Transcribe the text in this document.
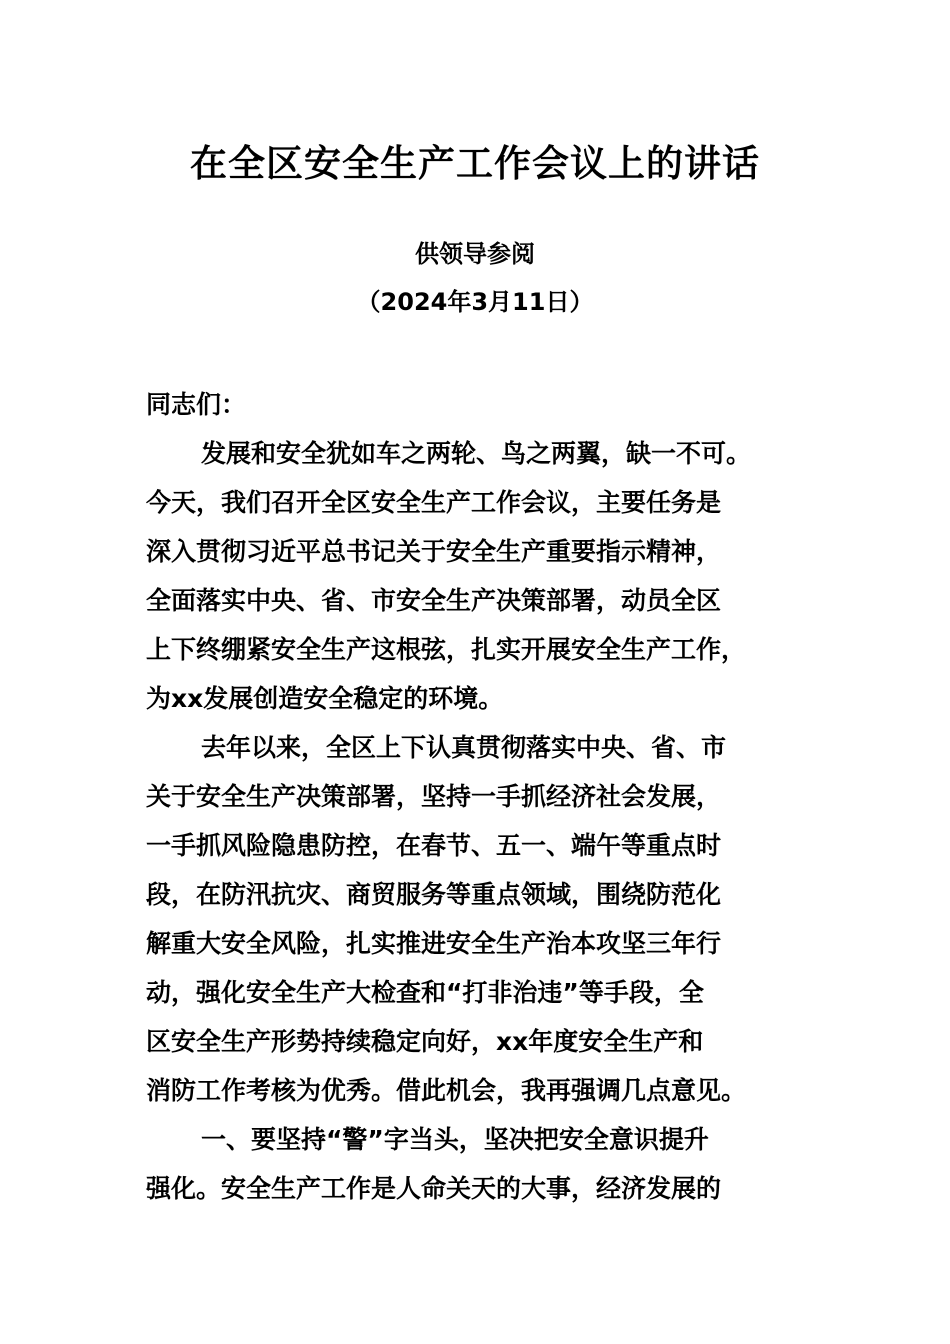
在全区安全生产工作会议上的讲话
供领导参阅
（2024年3月11日）
同志们：
发展和安全犹如车之两轮、鸟之两翼，缺一不可。
今天，我们召开全区安全生产工作会议，主要任务是
深入贯彻习近平总书记关于安全生产重要指示精神，
全面落实中央、省、市安全生产决策部署，动员全区
上下终绷紧安全生产这根弦，扎实开展安全生产工作，
为xx发展创造安全稳定的环境。
去年以来，全区上下认真贯彻落实中央、省、市
关于安全生产决策部署，坚持一手抓经济社会发展，
一手抓风险隐患防控，在春节、五一、端午等重点时
段，在防汛抗灾、商贸服务等重点领域，围绕防范化
解重大安全风险，扎实推进安全生产治本攻坚三年行
动，强化安全生产大检查和“打非治违”等手段，全
区安全生产形势持续稳定向好，xx年度安全生产和
消防工作考核为优秀。借此机会，我再强调几点意见。
一、要坚持“警”字当头，坚决把安全意识提升
强化。安全生产工作是人命关天的大事，经济发展的
